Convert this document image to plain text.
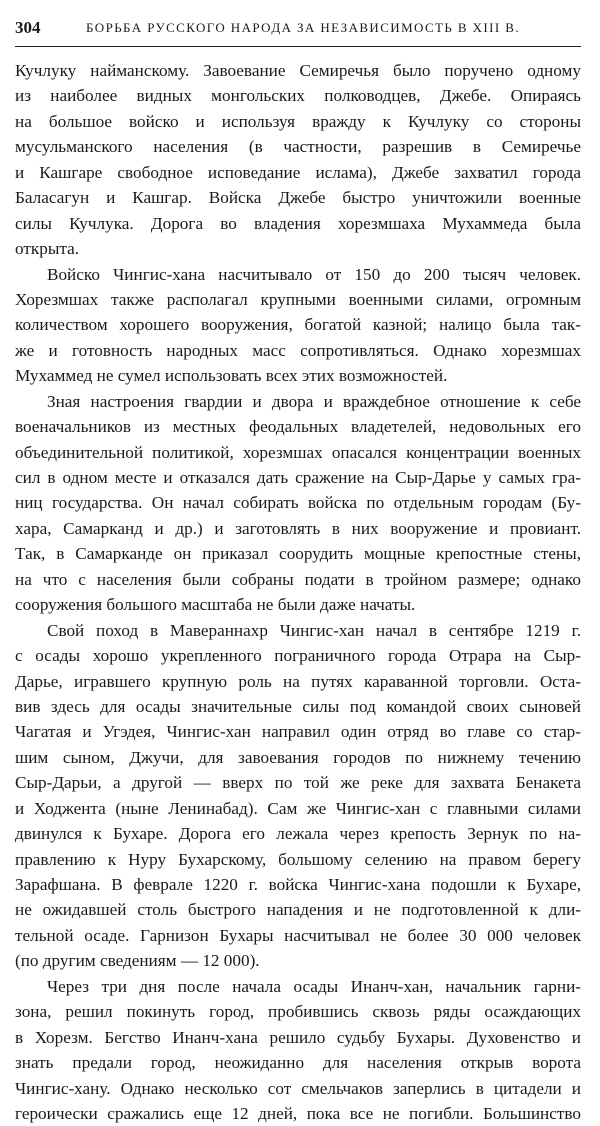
304	БОРЬБА РУССКОГО НАРОДА ЗА НЕЗАВИСИМОСТЬ В XIII В.
Кучлуку найманскому. Завоевание Семиречья было поручено одному
из наиболее видных монгольских полководцев, Джебе. Опираясь
на большое войско и используя вражду к Кучлуку со стороны
мусульманского населения (в частности, разрешив в Семиречье
и Кашгаре свободное исповедание ислама), Джебе захватил города
Баласагун и Кашгар. Войска Джебе быстро уничтожили военные
силы Кучлука. Дорога во владения хорезмшаха Мухаммеда была
открыта.
Войско Чингис-хана насчитывало от 150 до 200 тысяч человек.
Хорезмшах также располагал крупными военными силами, огромным
количеством хорошего вооружения, богатой казной; налицо была так-
же и готовность народных масс сопротивляться. Однако хорезмшах
Мухаммед не сумел использовать всех этих возможностей.
Зная настроения гвардии и двора и враждебное отношение к себе
военачальников из местных феодальных владетелей, недовольных его
объединительной политикой, хорезмшах опасался концентрации военных
сил в одном месте и отказался дать сражение на Сыр-Дарье у самых гра-
ниц государства. Он начал собирать войска по отдельным городам (Бу-
хара, Самарканд и др.) и заготовлять в них вооружение и провиант.
Так, в Самарканде он приказал соорудить мощные крепостные стены,
на что с населения были собраны подати в тройном размере; однако
сооружения большого масштаба не были даже начаты.
Свой поход в Мавераннахр Чингис-хан начал в сентябре 1219 г.
с осады хорошо укрепленного пограничного города Отрара на Сыр-
Дарье, игравшего крупную роль на путях караванной торговли. Оста-
вив здесь для осады значительные силы под командой своих сыновей
Чагатая и Угэдея, Чингис-хан направил один отряд во главе со стар-
шим сыном, Джучи, для завоевания городов по нижнему течению
Сыр-Дарьи, а другой — вверх по той же реке для захвата Бенакета
и Ходжента (ныне Ленинабад). Сам же Чингис-хан с главными силами
двинулся к Бухаре. Дорога его лежала через крепость Зернук по на-
правлению к Нуру Бухарскому, большому селению на правом берегу
Зарафшана. В феврале 1220 г. войска Чингис-хана подошли к Бухаре,
не ожидавшей столь быстрого нападения и не подготовленной к дли-
тельной осаде. Гарнизон Бухары насчитывал не более 30 000 человек
(по другим сведениям — 12 000).
Через три дня после начала осады Инанч-хан, начальник гарни-
зона, решил покинуть город, пробившись сквозь ряды осаждающих
в Хорезм. Бегство Инанч-хана решило судьбу Бухары. Духовенство и
знать предали город, неожиданно для населения открыв ворота
Чингис-хану. Однако несколько сот смельчаков заперлись в цитадели и
героически сражались еще 12 дней, пока все не погибли. Большинство
